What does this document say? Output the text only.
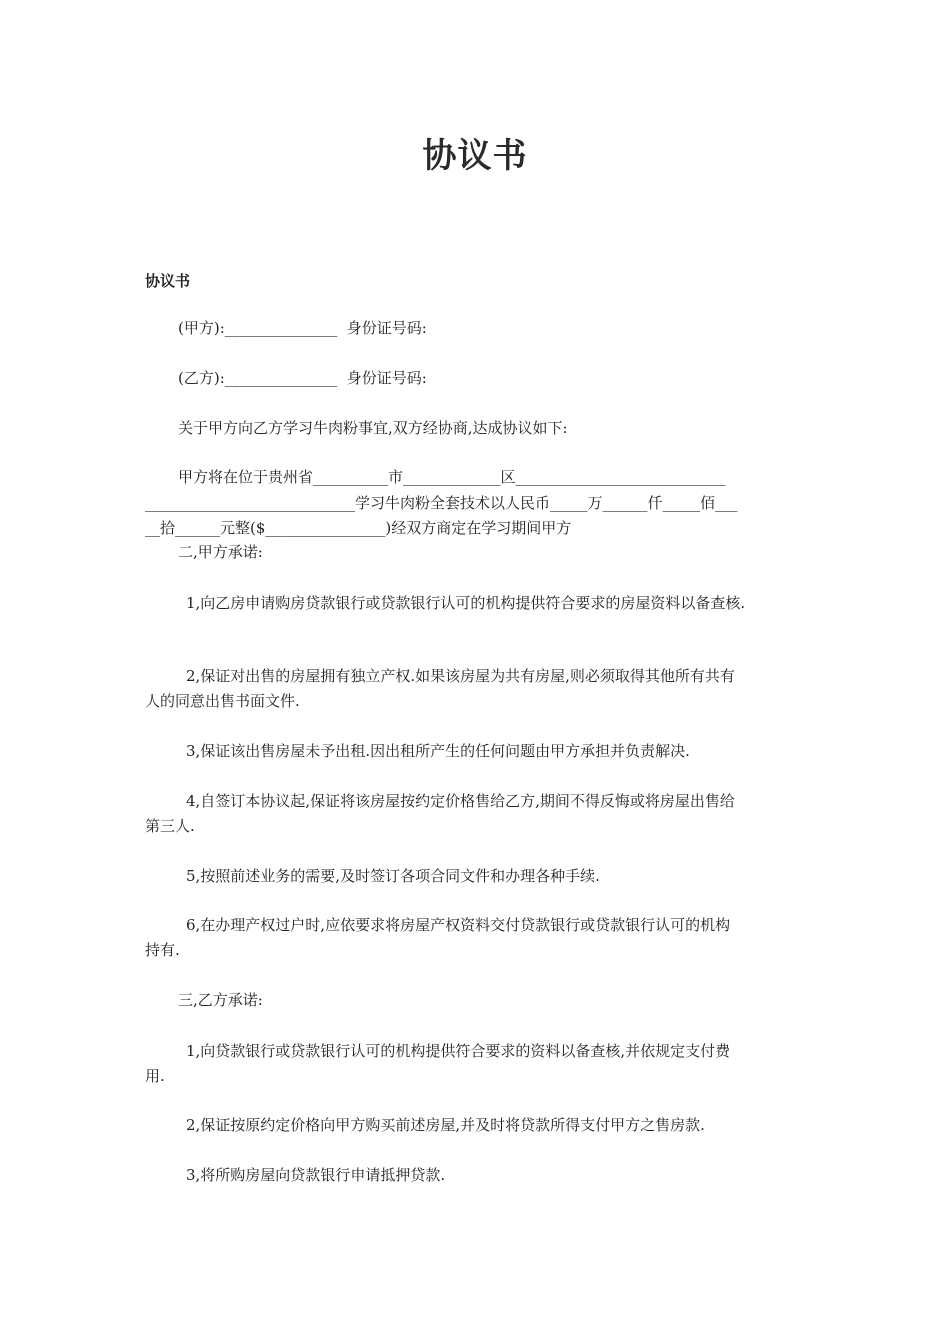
协议书
协议书
(甲方):_______________  身份证号码:
(乙方):_______________  身份证号码:
关于甲方向乙方学习牛肉粉事宜,双方经协商,达成协议如下:
甲方将在位于贵州省__________市_____________区____________________________
____________________________学习牛肉粉全套技术以人民币_____万______仟_____佰___
__拾______元整($________________)经双方商定在学习期间甲方
二,甲方承诺:
1,向乙房申请购房贷款银行或贷款银行认可的机构提供符合要求的房屋资料以备查核.
2,保证对出售的房屋拥有独立产权.如果该房屋为共有房屋,则必须取得其他所有共有
人的同意出售书面文件.
3,保证该出售房屋未予出租.因出租所产生的任何问题由甲方承担并负责解决.
4,自签订本协议起,保证将该房屋按约定价格售给乙方,期间不得反悔或将房屋出售给
第三人.
5,按照前述业务的需要,及时签订各项合同文件和办理各种手续.
6,在办理产权过户时,应依要求将房屋产权资料交付贷款银行或贷款银行认可的机构
持有.
三,乙方承诺:
1,向贷款银行或贷款银行认可的机构提供符合要求的资料以备查核,并依规定支付费
用.
2,保证按原约定价格向甲方购买前述房屋,并及时将贷款所得支付甲方之售房款.
3,将所购房屋向贷款银行申请抵押贷款.
